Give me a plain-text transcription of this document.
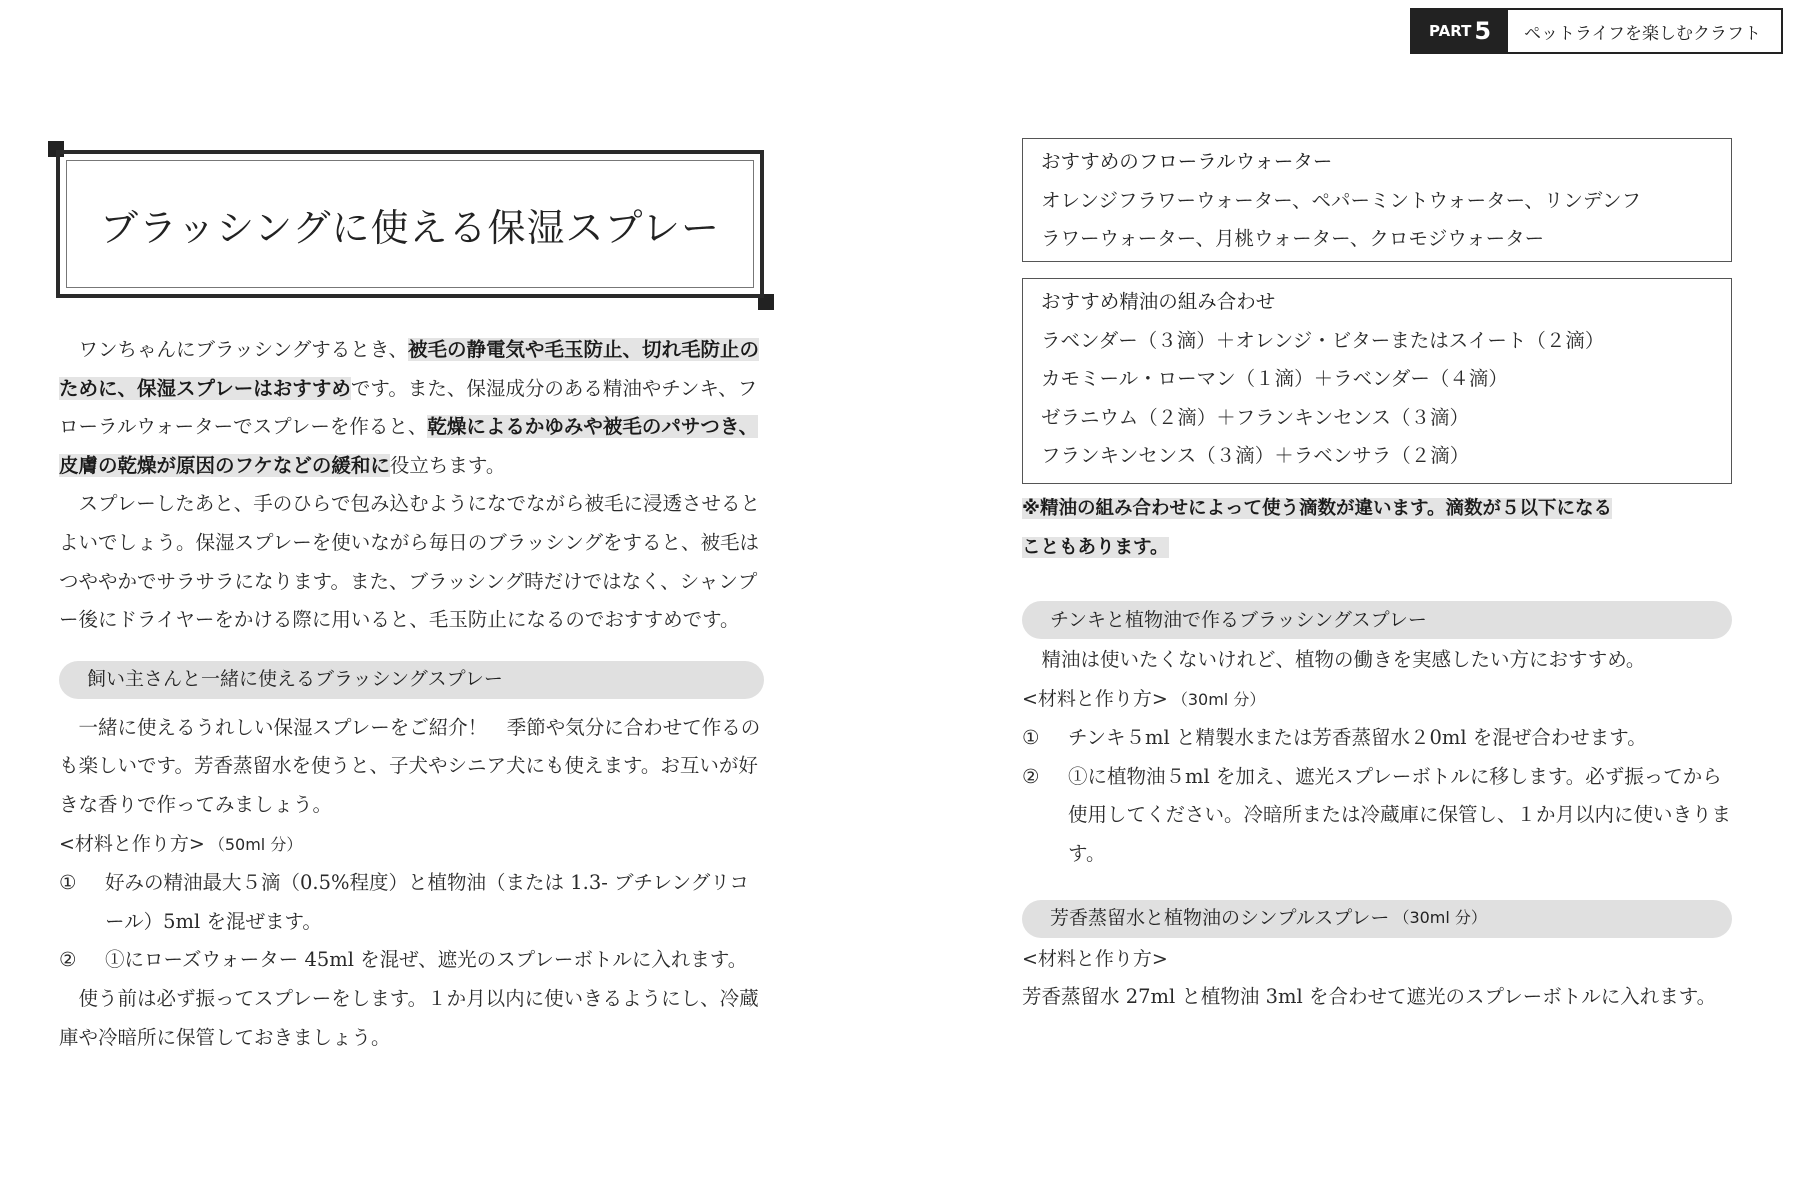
PART 5	ペットライフを楽しむクラフト
ブラッシングに使える保湿スプレー

ワンちゃんにブラッシングするとき、被毛の静電気や毛玉防止、切れ毛防止のために、保湿スプレーはおすすめです。また、保湿成分のある精油やチンキ、フローラルウォーターでスプレーを作ると、乾燥によるかゆみや被毛のパサつき、皮膚の乾燥が原因のフケなどの緩和に役立ちます。

スプレーしたあと、手のひらで包み込むようになでながら被毛に浸透させるとよいでしょう。保湿スプレーを使いながら毎日のブラッシングをすると、被毛はつややかでサラサラになります。また、ブラッシング時だけではなく、シャンプー後にドライヤーをかける際に用いると、毛玉防止になるのでおすすめです。

飼い主さんと一緒に使えるブラッシングスプレー

一緒に使えるうれしい保湿スプレーをご紹介！　季節や気分に合わせて作るのも楽しいです。芳香蒸留水を使うと、子犬やシニア犬にも使えます。お互いが好きな香りで作ってみましょう。

<材料と作り方> （50ml 分）

①	好みの精油最大５滴（0.5%程度）と植物油（または 1.3- ブチレングリコール）5ml を混ぜます。
②	①にローズウォーター 45ml を混ぜ、遮光のスプレーボトルに入れます。

使う前は必ず振ってスプレーをします。１か月以内に使いきるようにし、冷蔵庫や冷暗所に保管しておきましょう。

おすすめのフローラルウォーター
オレンジフラワーウォーター、ペパーミントウォーター、リンデンフ
ラワーウォーター、月桃ウォーター、クロモジウォーター
おすすめ精油の組み合わせ
ラベンダー（３滴）＋オレンジ・ビターまたはスイート（２滴）
カモミール・ローマン（１滴）＋ラベンダー（４滴）
ゼラニウム（２滴）＋フランキンセンス（３滴）
フランキンセンス（３滴）＋ラベンサラ（２滴）
※精油の組み合わせによって使う滴数が違います。滴数が５以下になる
こともあります。
チンキと植物油で作るブラッシングスプレー

精油は使いたくないけれど、植物の働きを実感したい方におすすめ。

<材料と作り方> （30ml 分）

①	チンキ５ml と精製水または芳香蒸留水２0ml を混ぜ合わせます。
②	①に植物油５ml を加え、遮光スプレーボトルに移します。必ず振ってから使用してください。冷暗所または冷蔵庫に保管し、１か月以内に使いきります。
芳香蒸留水と植物油のシンプルスプレー （30ml 分）

<材料と作り方>

芳香蒸留水 27ml と植物油 3ml を合わせて遮光のスプレーボトルに入れます。
